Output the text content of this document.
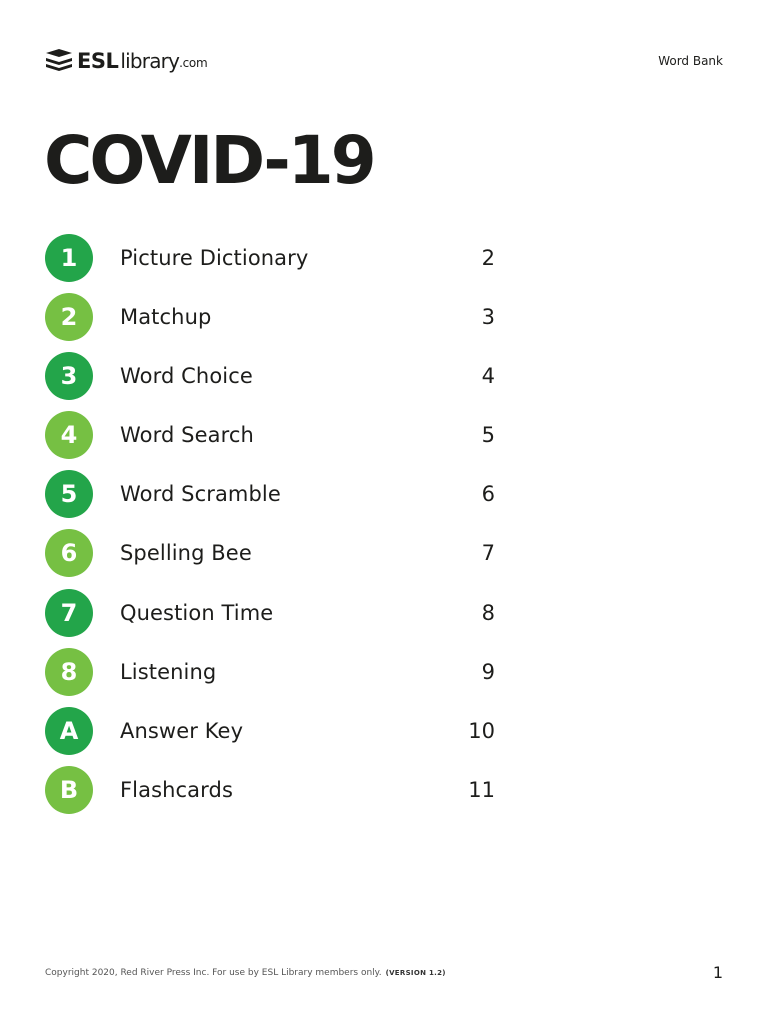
ESL library .com	Word Bank
COVID-19
1	Picture Dictionary	2
2	Matchup	3
3	Word Choice	4
4	Word Search	5
5	Word Scramble	6
6	Spelling Bee	7
7	Question Time	8
8	Listening	9
A	Answer Key	10
B	Flashcards	11
Copyright 2020, Red River Press Inc. For use by ESL Library members only. (VERSION 1.2)	1
